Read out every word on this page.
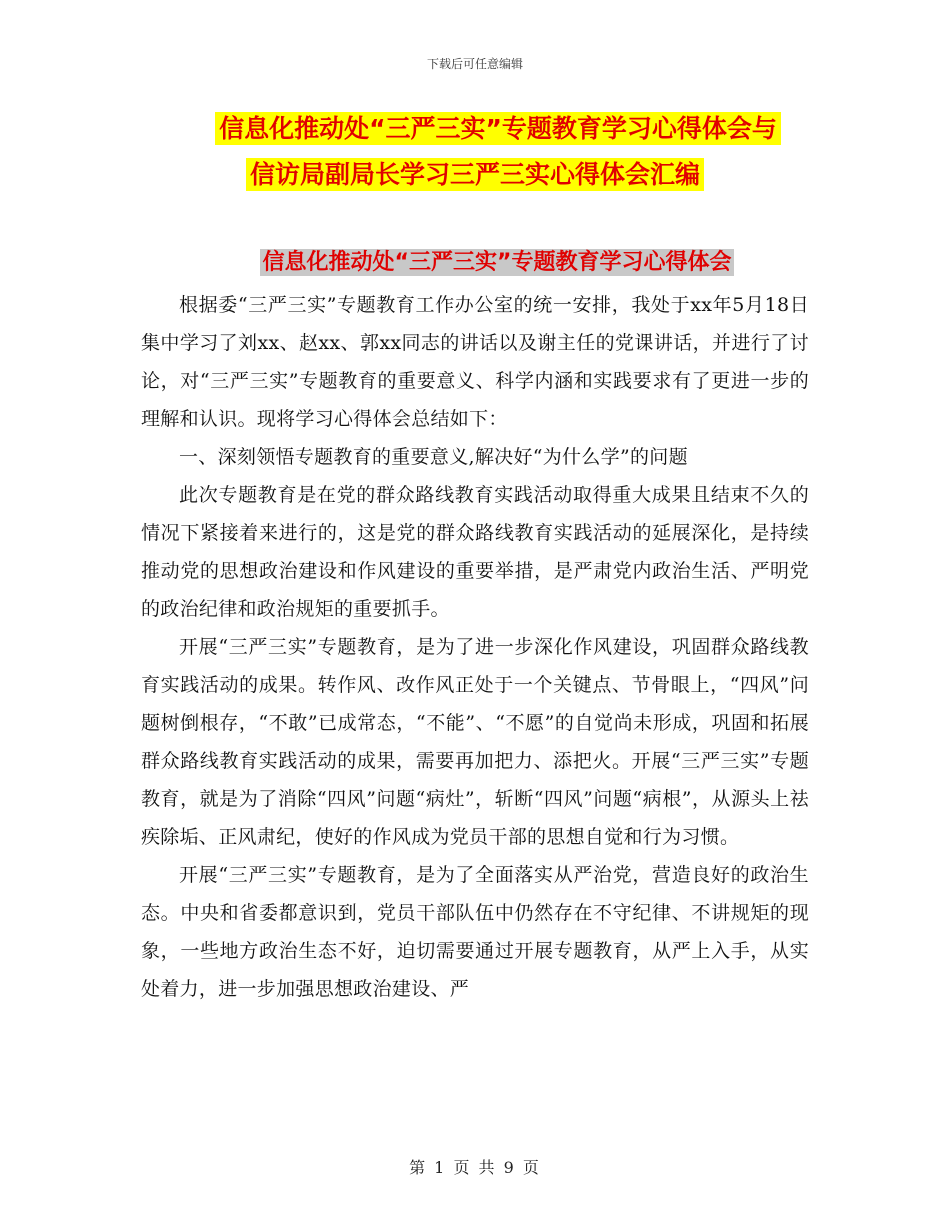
下载后可任意编辑
信息化推动处“三严三实”专题教育学习心得体会与
信访局副局长学习三严三实心得体会汇编
信息化推动处“三严三实”专题教育学习心得体会

根据委“三严三实”专题教育工作办公室的统一安排，我处于xx年5月18日集中学习了刘xx、赵xx、郭xx同志的讲话以及谢主任的党课讲话，并进行了讨论，对“三严三实”专题教育的重要意义、科学内涵和实践要求有了更进一步的理解和认识。现将学习心得体会总结如下：

一、深刻领悟专题教育的重要意义,解决好“为什么学”的问题

此次专题教育是在党的群众路线教育实践活动取得重大成果且结束不久的情况下紧接着来进行的，这是党的群众路线教育实践活动的延展深化，是持续推动党的思想政治建设和作风建设的重要举措，是严肃党内政治生活、严明党的政治纪律和政治规矩的重要抓手。

开展“三严三实”专题教育，是为了进一步深化作风建设，巩固群众路线教育实践活动的成果。转作风、改作风正处于一个关键点、节骨眼上，“四风”问题树倒根存，“不敢”已成常态，“不能”、“不愿”的自觉尚未形成，巩固和拓展群众路线教育实践活动的成果，需要再加把力、添把火。开展“三严三实”专题教育，就是为了消除“四风”问题“病灶”，斩断“四风”问题“病根”，从源头上祛疾除垢、正风肃纪，使好的作风成为党员干部的思想自觉和行为习惯。

开展“三严三实”专题教育，是为了全面落实从严治党，营造良好的政治生态。中央和省委都意识到，党员干部队伍中仍然存在不守纪律、不讲规矩的现象，一些地方政治生态不好，迫切需要通过开展专题教育，从严上入手，从实处着力，进一步加强思想政治建设、严

第 1 页 共 9 页
